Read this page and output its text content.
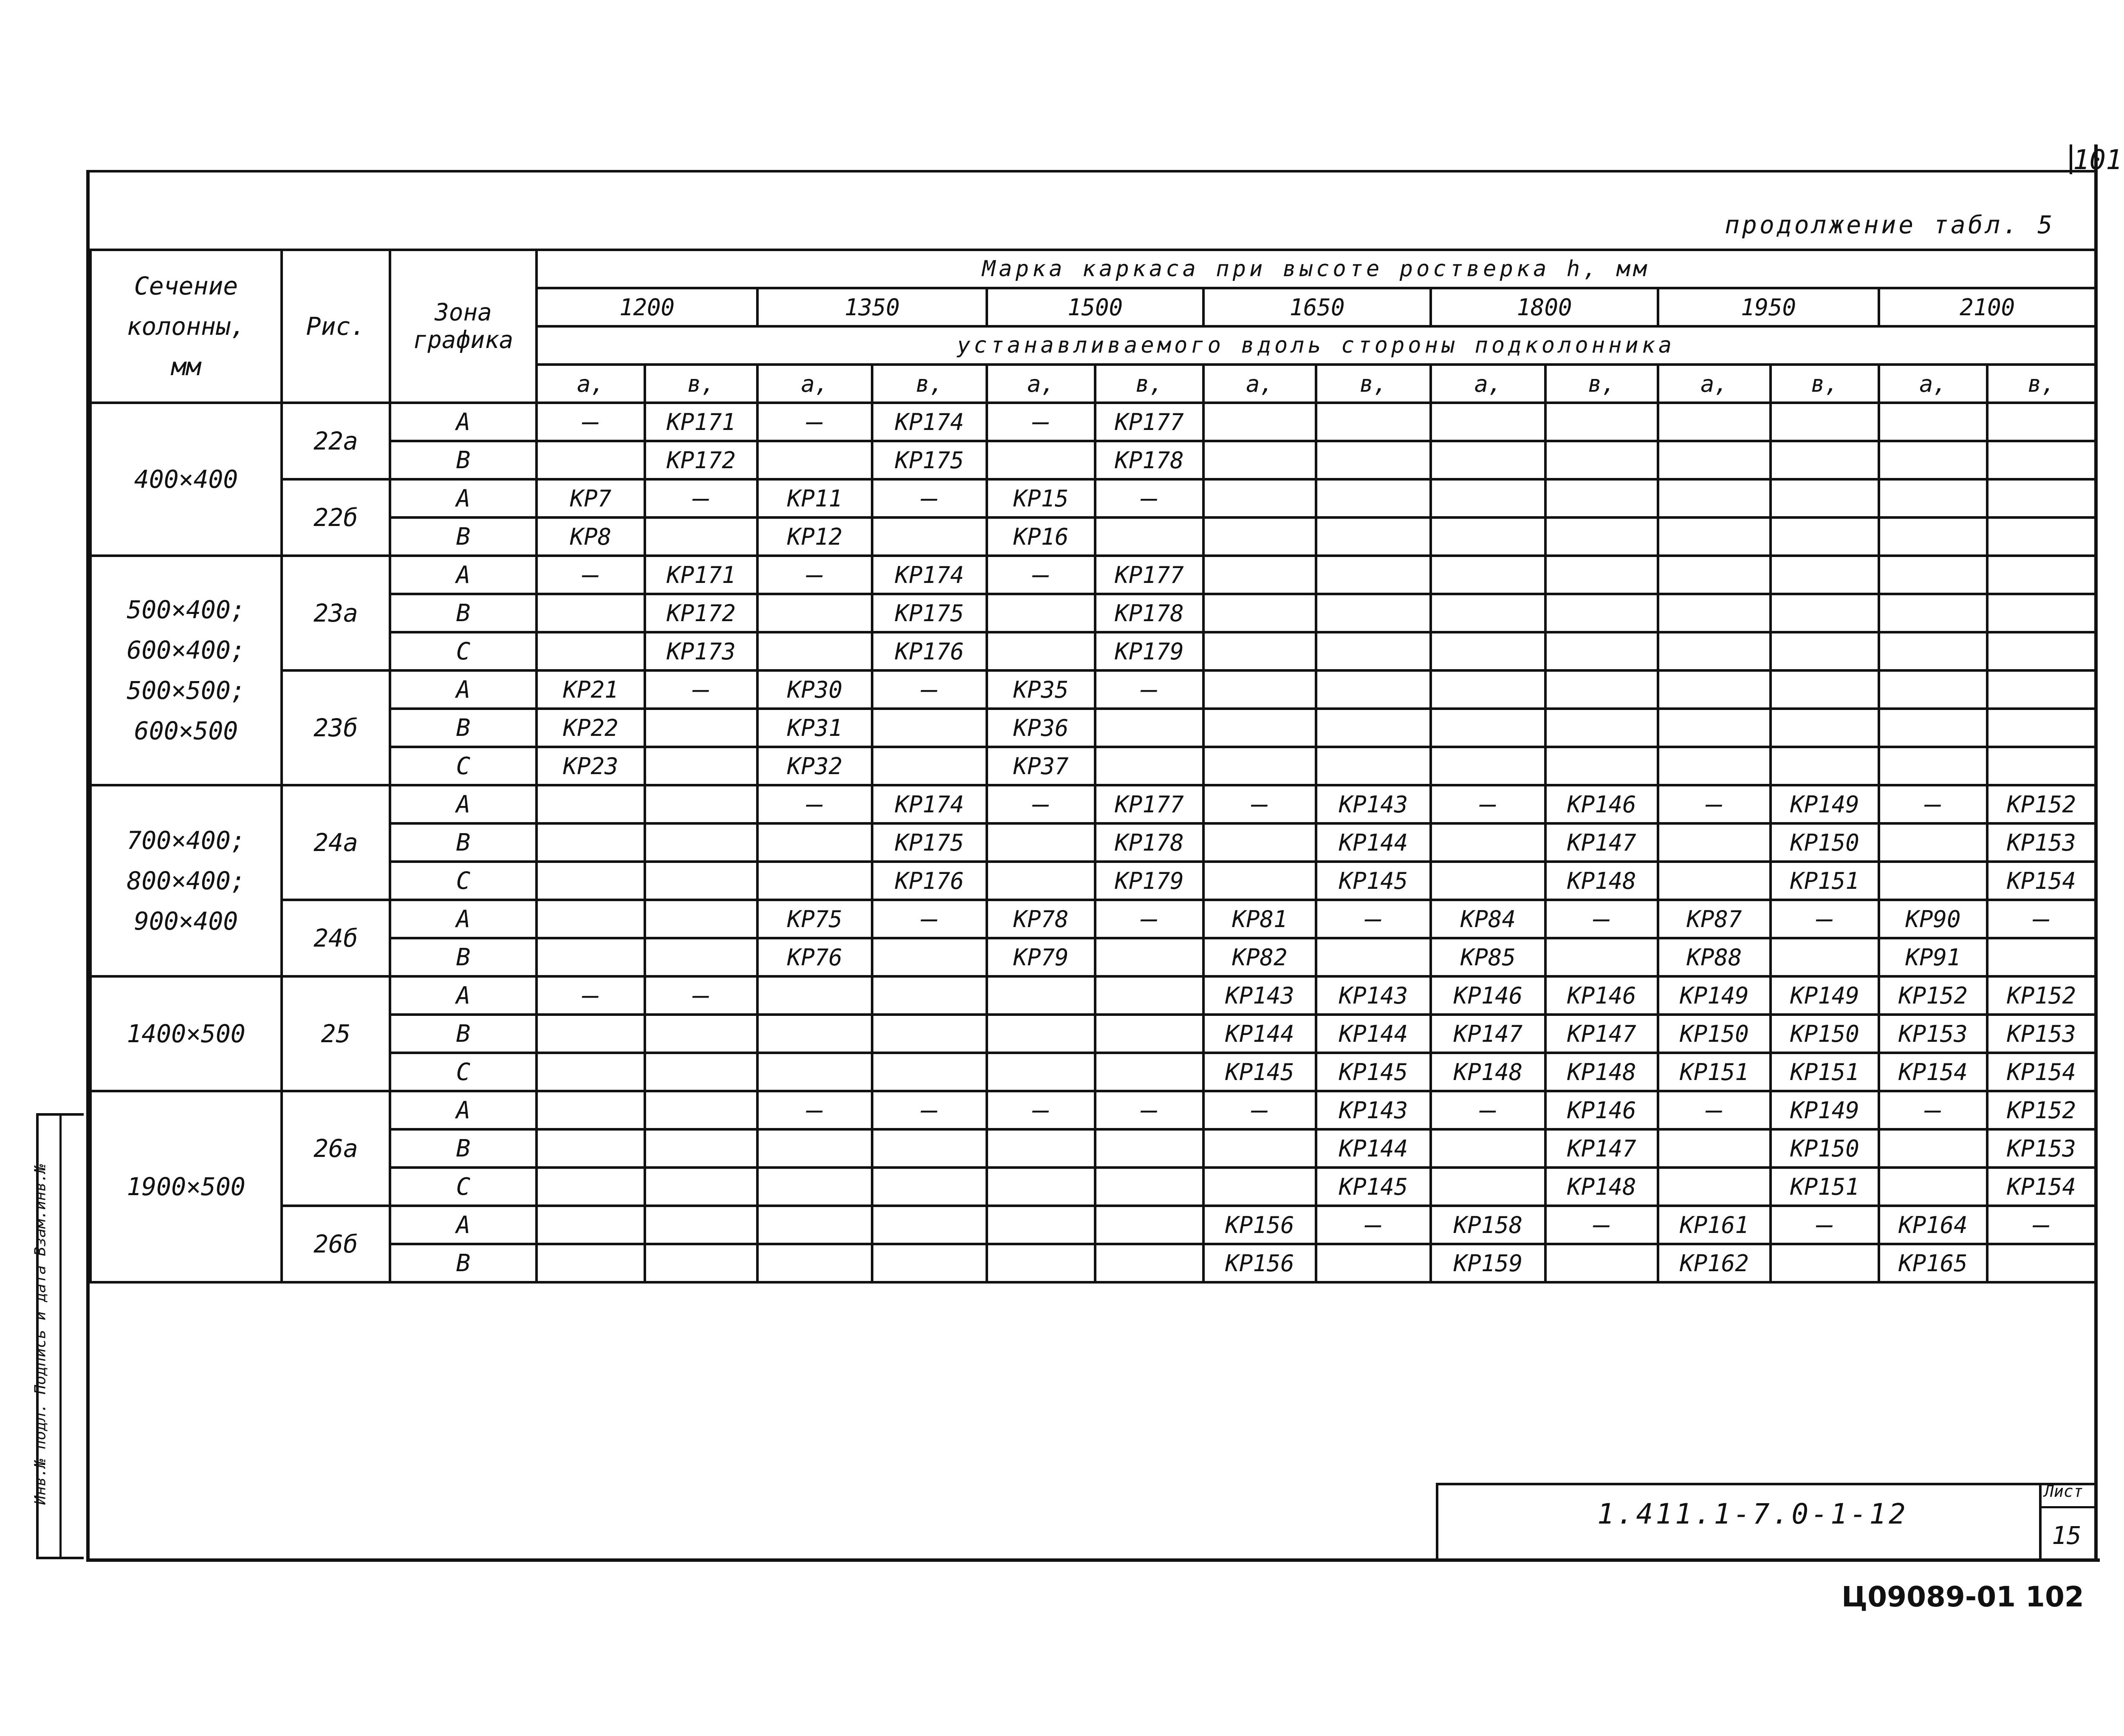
101
продолжение табл. 5
Сечение
колонны,
мм	Рис.	Зона
графика	Марка каркаса при высоте ростверка h, мм													
			1200		1350		1500		1650		1800		1950		2100	
			устанавливаемого вдоль стороны подколонника													
			а,	в,	а,	в,	а,	в,	а,	в,	а,	в,	а,	в,	а,	в,
400×400	22а	А	—	КР171	—	КР174	—	КР177								
		В		КР172		КР175		КР178								
	22б	А	КР7	—	КР11	—	КР15	—								
		В	КР8		КР12		КР16									
500×400;
600×400;
500×500;
600×500	23а	А	—	КР171	—	КР174	—	КР177								
		В		КР172		КР175		КР178								
		С		КР173		КР176		КР179								
	23б	А	КР21	—	КР30	—	КР35	—								
		В	КР22		КР31		КР36									
		С	КР23		КР32		КР37									
700×400;
800×400;
900×400	24а	А			—	КР174	—	КР177	—	КР143	—	КР146	—	КР149	—	КР152
		В				КР175		КР178		КР144		КР147		КР150		КР153
		С				КР176		КР179		КР145		КР148		КР151		КР154
	24б	А			КР75	—	КР78	—	КР81	—	КР84	—	КР87	—	КР90	—
		В			КР76		КР79		КР82		КР85		КР88		КР91	
1400×500	25	А	—	—					КР143	КР143	КР146	КР146	КР149	КР149	КР152	КР152
		В							КР144	КР144	КР147	КР147	КР150	КР150	КР153	КР153
		С							КР145	КР145	КР148	КР148	КР151	КР151	КР154	КР154
1900×500	26а	А			—	—	—	—	—	КР143	—	КР146	—	КР149	—	КР152
		В								КР144		КР147		КР150		КР153
		С								КР145		КР148		КР151		КР154
	26б	А							КР156	—	КР158	—	КР161	—	КР164	—
		В							КР156		КР159		КР162		КР165	
1.411.1-7.0-1-12
Лист
15
Инв.№ подл. Подпись и дата Взам.инв.№
Ц09089-01 102
